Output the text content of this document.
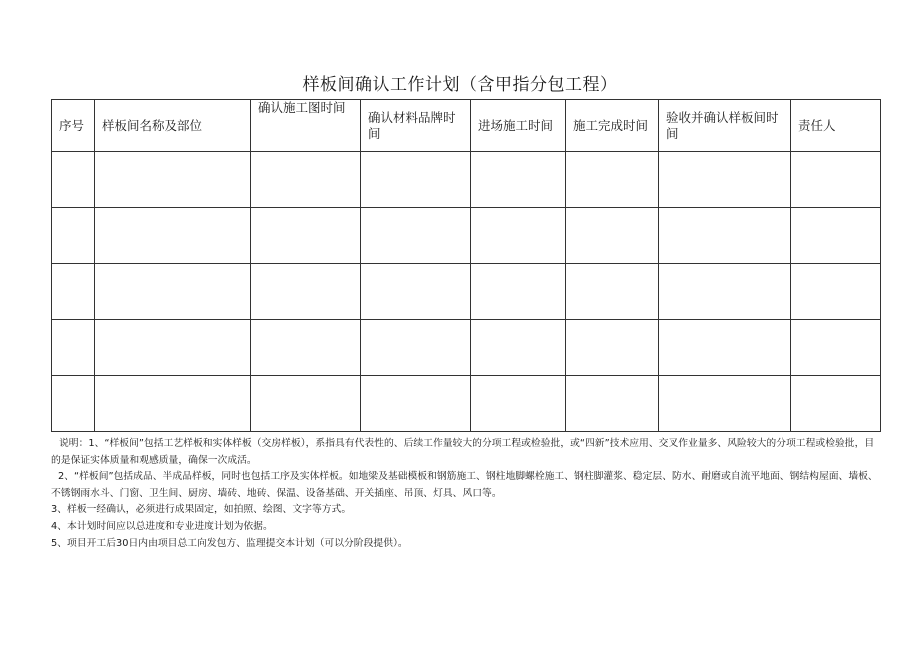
样板间确认工作计划（含甲指分包工程）
序号	样板间名称及部位	确认施工图时间	确认材料品牌时间	进场施工时间	施工完成时间	验收并确认样板间时间	责任人

说明：1、“样板间”包括工艺样板和实体样板（交房样板），系指具有代表性的、后续工作量较大的分项工程或检验批，或“四新”技术应用、交叉作业量多、风险较大的分项工程或检验批，目的是保证实体质量和观感质量，确保一次成活。

2、“样板间”包括成品、半成品样板，同时也包括工序及实体样板。如地梁及基础模板和钢筋施工、钢柱地脚螺栓施工、钢柱脚灌浆、稳定层、防水、耐磨或自流平地面、钢结构屋面、墙板、不锈钢雨水斗、门窗、卫生间、厨房、墙砖、地砖、保温、设备基础、开关插座、吊顶、灯具、风口等。

3、样板一经确认，必须进行成果固定，如拍照、绘图、文字等方式。

4、本计划时间应以总进度和专业进度计划为依据。

5、项目开工后30日内由项目总工向发包方、监理提交本计划（可以分阶段提供）。
